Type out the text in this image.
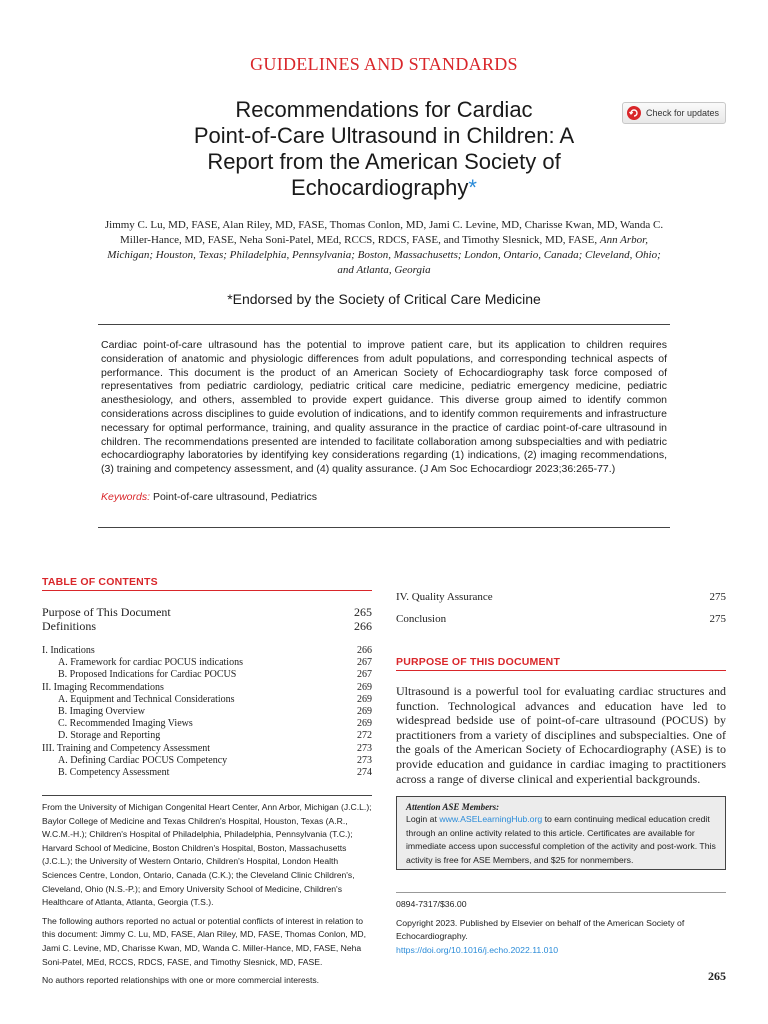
GUIDELINES AND STANDARDS
Recommendations for Cardiac
Point-of-Care Ultrasound in Children: A
Report from the American Society of
Echocardiography*
Check for updates
Jimmy C. Lu, MD, FASE, Alan Riley, MD, FASE, Thomas Conlon, MD, Jami C. Levine, MD, Charisse Kwan, MD, Wanda C. Miller-Hance, MD, FASE, Neha Soni-Patel, MEd, RCCS, RDCS, FASE, and Timothy Slesnick, MD, FASE, Ann Arbor, Michigan; Houston, Texas; Philadelphia, Pennsylvania; Boston, Massachusetts; London, Ontario, Canada; Cleveland, Ohio; and Atlanta, Georgia
*Endorsed by the Society of Critical Care Medicine

Cardiac point-of-care ultrasound has the potential to improve patient care, but its application to children requires consideration of anatomic and physiologic differences from adult populations, and corresponding technical aspects of performance. This document is the product of an American Society of Echocardiography task force composed of representatives from pediatric cardiology, pediatric critical care medicine, pediatric emergency medicine, pediatric anesthesiology, and others, assembled to provide expert guidance. This diverse group aimed to identify common considerations across disciplines to guide evolution of indications, and to identify common requirements and infrastructure necessary for optimal performance, training, and quality assurance in the practice of cardiac point-of-care ultrasound in children. The recommendations presented are intended to facilitate collaboration among subspecialties and with pediatric echocardiography laboratories by identifying key considerations regarding (1) indications, (2) imaging recommendations, (3) training and competency assessment, and (4) quality assurance. (J Am Soc Echocardiogr 2023;36:265-77.)

Keywords: Point-of-care ultrasound, Pediatrics

TABLE OF CONTENTS
Purpose of This Document	265
Definitions	266
I. Indications	266
A. Framework for cardiac POCUS indications	267
B. Proposed Indications for Cardiac POCUS	267
II. Imaging Recommendations	269
A. Equipment and Technical Considerations	269
B. Imaging Overview	269
C. Recommended Imaging Views	269
D. Storage and Reporting	272
III. Training and Competency Assessment	273
A. Defining Cardiac POCUS Competency	273
B. Competency Assessment	274

From the University of Michigan Congenital Heart Center, Ann Arbor, Michigan (J.C.L.); Baylor College of Medicine and Texas Children's Hospital, Houston, Texas (A.R., W.C.M.-H.); Children's Hospital of Philadelphia, Philadelphia, Pennsylvania (T.C.); Harvard School of Medicine, Boston Children's Hospital, Boston, Massachusetts (J.C.L.); the University of Western Ontario, Children's Hospital, London Health Sciences Centre, London, Ontario, Canada (C.K.); the Cleveland Clinic Children's, Cleveland, Ohio (N.S.-P.); and Emory University School of Medicine, Children's Healthcare of Atlanta, Atlanta, Georgia (T.S.).

The following authors reported no actual or potential conflicts of interest in relation to this document: Jimmy C. Lu, MD, FASE, Alan Riley, MD, FASE, Thomas Conlon, MD, Jami C. Levine, MD, Charisse Kwan, MD, Wanda C. Miller-Hance, MD, FASE, Neha Soni-Patel, MEd, RCCS, RDCS, FASE, and Timothy Slesnick, MD, FASE.

No authors reported relationships with one or more commercial interests.

IV. Quality Assurance	275
Conclusion	275
PURPOSE OF THIS DOCUMENT
Ultrasound is a powerful tool for evaluating cardiac structures and function. Technological advances and education have led to widespread bedside use of point-of-care ultrasound (POCUS) by practitioners from a variety of disciplines and subspecialties. One of the goals of the American Society of Echocardiography (ASE) is to provide education and guidance in cardiac imaging to practitioners across a range of diverse clinical and experiential backgrounds.
Attention ASE Members:
Login at www.ASELearningHub.org to earn continuing medical education credit through an online activity related to this article. Certificates are available for immediate access upon successful completion of the activity and post-work. This activity is free for ASE Members, and $25 for nonmembers.

0894-7317/$36.00

Copyright 2023. Published by Elsevier on behalf of the American Society of Echocardiography.
https://doi.org/10.1016/j.echo.2022.11.010

265
